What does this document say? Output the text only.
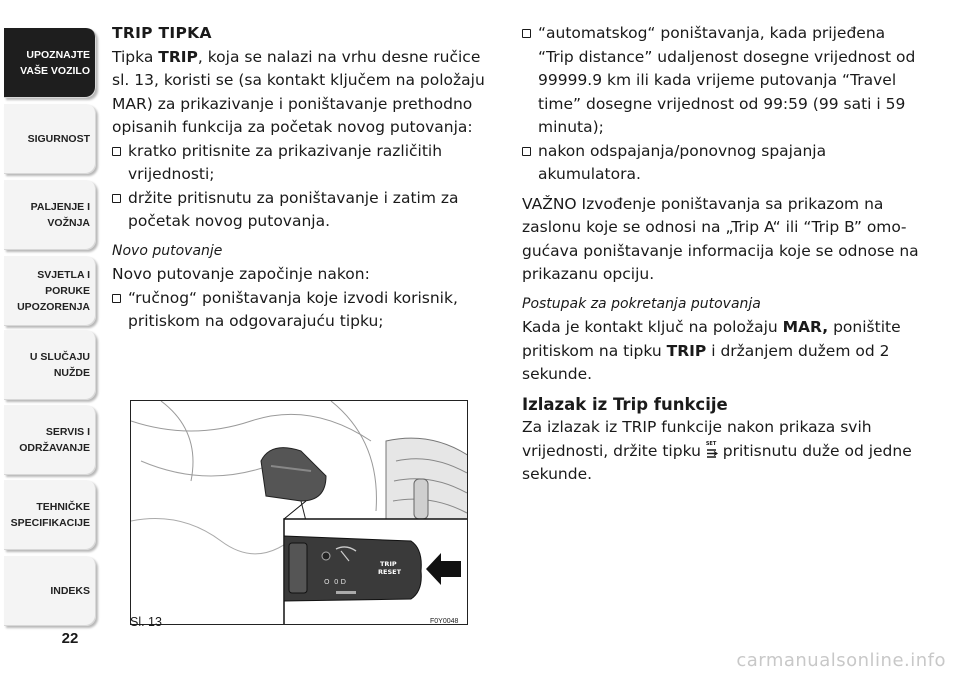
UPOZNAJTE
VAŠE VOZILO
SIGURNOST
PALJENJE I
VOŽNJA
SVJETLA I PORUKE
UPOZORENJA
U SLUČAJU
NUŽDE
SERVIS I
ODRŽAVANJE
TEHNIČKE
SPECIFIKACIJE
INDEKS
22

TRIP TIPKA

Tipka TRIP, koja se nalazi na vrhu desne ručice sl. 13, koristi se (sa kontakt ključem na položaju MAR) za prikazivanje i poništavanje prethodno opisanih funkcija za početak novog putovanja:

kratko pritisnite za prikazivanje različitih vrijednosti;

držite pritisnutu za poništavanje i zatim za početak novog putovanja.

Novo putovanje

Novo putovanje započinje nakon:

“ručnog“ poništavanja koje izvodi korisnik, pritiskom na odgovarajuću tipku;

“automatskog“ poništavanja, kada prijeđena “Trip distance” udaljenost dosegne vrijednost od 99999.9 km ili kada vrijeme putovanja “Travel time” dosegne vrijednost od 99:59 (99 sati i 59 minuta);

nakon odspajanja/ponovnog spajanja akumulatora.

VAŽNO Izvođenje poništavanja sa prikazom na zaslonu koje se odnosi na „Trip A“ ili “Trip B” omogućava poništavanje informacija koje se odnose na prikazanu opciju.

Postupak za pokretanja putovanja

Kada je kontakt ključ na položaju MAR, poništite pritiskom na tipku TRIP i držanjem dužem od 2 sekunde.

Izlazak iz Trip funkcije

Za izlazak iz TRIP funkcije nakon prikaza svih vrijednosti, držite tipku SET pritisnutu duže od jedne sekunde.

O 0 D
TRIP
RESET
Sl. 13	F0Y0048
carmanualsonline.info
